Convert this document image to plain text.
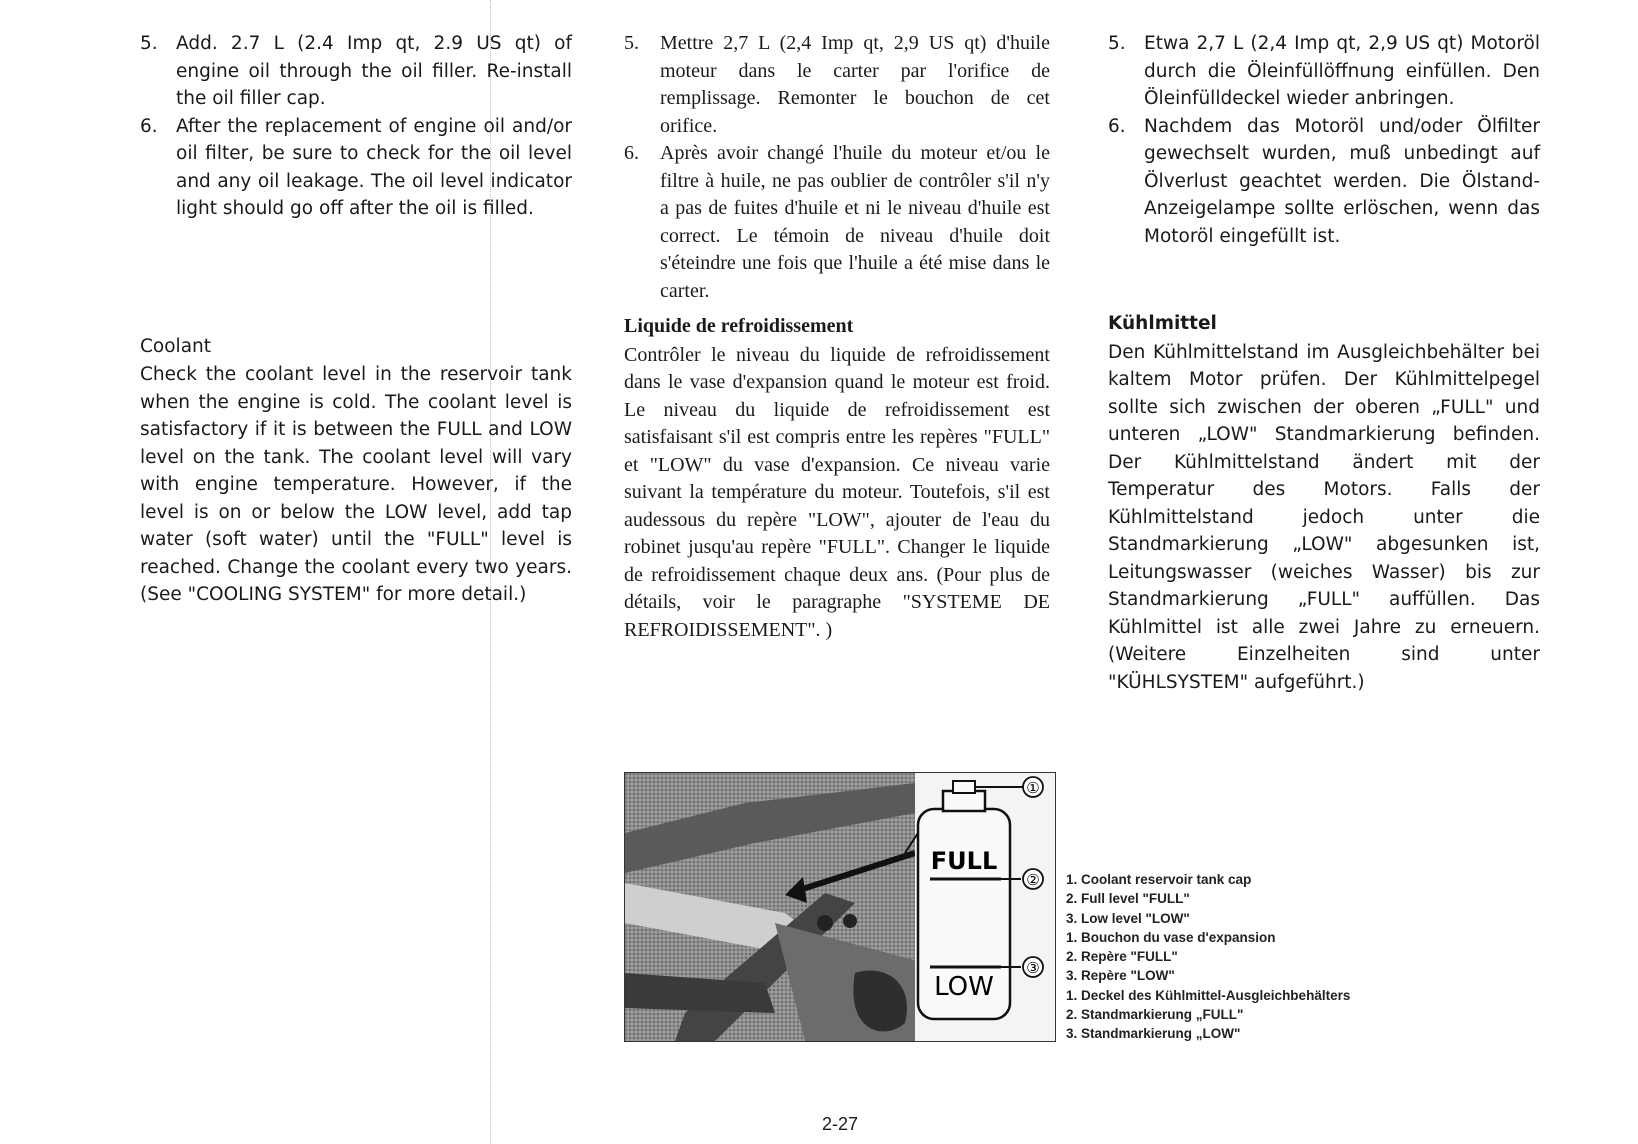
5. Add. 2.7 L (2.4 Imp qt, 2.9 US qt) of engine oil through the oil filler. Re-install the oil filler cap.
6. After the replacement of engine oil and/or oil filter, be sure to check for the oil level and any oil leakage. The oil level indicator light should go off after the oil is filled.
Coolant
Check the coolant level in the reservoir tank when the engine is cold. The coolant level is satisfactory if it is between the FULL and LOW level on the tank. The coolant level will vary with engine temperature. However, if the level is on or below the LOW level, add tap water (soft water) until the "FULL" level is reached. Change the coolant every two years. (See "COOLING SYSTEM" for more detail.)
5.	Mettre 2,7 L (2,4 Imp qt, 2,9 US qt) d'huile moteur dans le carter par l'orifice de remplissage. Remonter le bouchon de cet orifice.
6.	Après avoir changé l'huile du moteur et/ou le filtre à huile, ne pas oublier de contrôler s'il n'y a pas de fuites d'huile et ni le niveau d'huile est correct. Le témoin de niveau d'huile doit s'éteindre une fois que l'huile a été mise dans le carter.
Liquide de refroidissement
Contrôler le niveau du liquide de refroidissement dans le vase d'expansion quand le moteur est froid. Le niveau du liquide de refroidissement est satisfaisant s'il est compris entre les repères "FULL" et "LOW" du vase d'expansion. Ce niveau varie suivant la température du moteur. Toutefois, s'il est audessous du repère "LOW", ajouter de l'eau du robinet jusqu'au repère "FULL". Changer le liquide de refroidissement chaque deux ans. (Pour plus de détails, voir le paragraphe "SYSTEME DE REFROIDISSEMENT". )
5. Etwa 2,7 L (2,4 Imp qt, 2,9 US qt) Motoröl durch die Öleinfüllöffnung einfüllen. Den Öleinfülldeckel wieder anbringen.
6. Nachdem das Motoröl und/oder Ölfilter gewechselt wurden, muß unbedingt auf Ölverlust geachtet werden. Die Ölstand-Anzeigelampe sollte erlöschen, wenn das Motoröl eingefüllt ist.
Kühlmittel
Den Kühlmittelstand im Ausgleichbehälter bei kaltem Motor prüfen. Der Kühlmittelpegel sollte sich zwischen der oberen „FULL" und unteren „LOW" Standmarkierung befinden. Der Kühlmittelstand ändert mit der Temperatur des Motors. Falls der Kühlmittelstand jedoch unter die Standmarkierung „LOW" abgesunken ist, Leitungswasser (weiches Wasser) bis zur Standmarkierung „FULL" auffüllen. Das Kühlmittel ist alle zwei Jahre zu erneuern. (Weitere Einzelheiten sind unter "KÜHLSYSTEM" aufgeführt.)
①
②
③
FULL
LOW
1. Coolant reservoir tank cap
2. Full level "FULL"
3. Low level "LOW"
1. Bouchon du vase d'expansion
2. Repère "FULL"
3. Repère "LOW"
1. Deckel des Kühlmittel-Ausgleichbehälters
2. Standmarkierung „FULL"
3. Standmarkierung „LOW"
2-27
